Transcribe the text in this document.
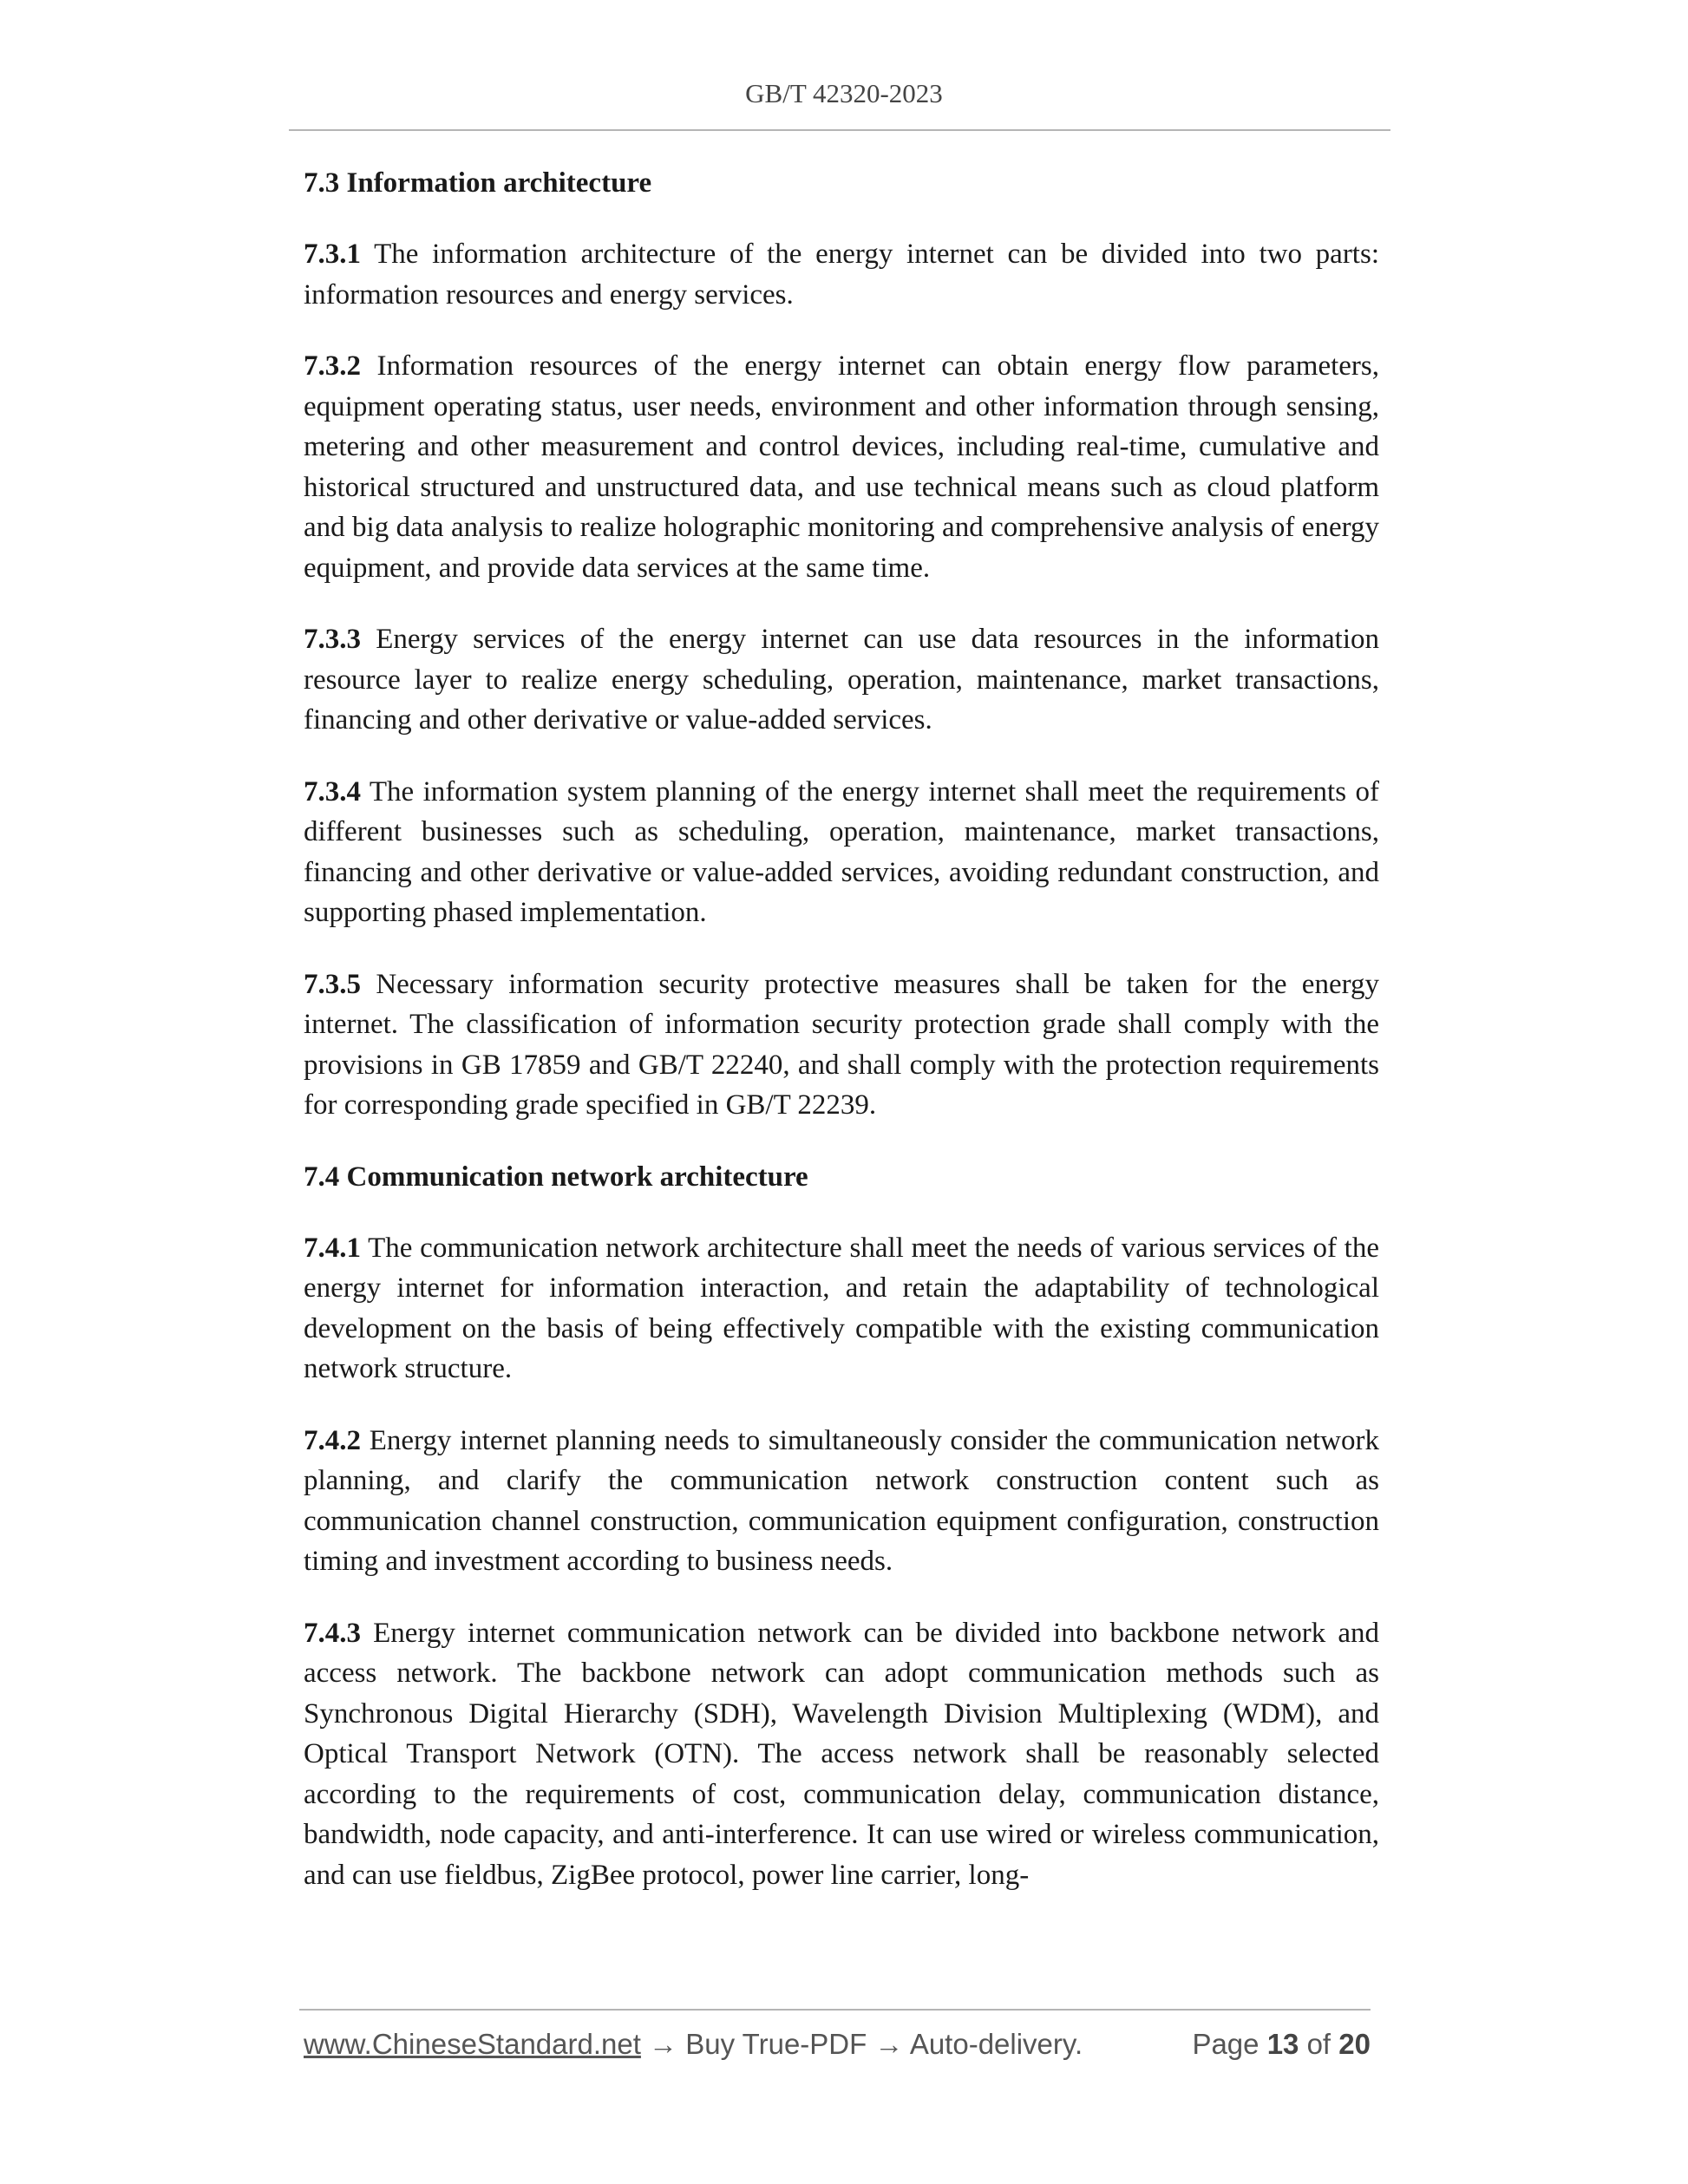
GB/T 42320-2023
7.3 Information architecture

7.3.1 The information architecture of the energy internet can be divided into two parts: information resources and energy services.

7.3.2 Information resources of the energy internet can obtain energy flow parameters, equipment operating status, user needs, environment and other information through sensing, metering and other measurement and control devices, including real-time, cumulative and historical structured and unstructured data, and use technical means such as cloud platform and big data analysis to realize holographic monitoring and comprehensive analysis of energy equipment, and provide data services at the same time.

7.3.3 Energy services of the energy internet can use data resources in the information resource layer to realize energy scheduling, operation, maintenance, market transactions, financing and other derivative or value-added services.

7.3.4 The information system planning of the energy internet shall meet the requirements of different businesses such as scheduling, operation, maintenance, market transactions, financing and other derivative or value-added services, avoiding redundant construction, and supporting phased implementation.

7.3.5 Necessary information security protective measures shall be taken for the energy internet. The classification of information security protection grade shall comply with the provisions in GB 17859 and GB/T 22240, and shall comply with the protection requirements for corresponding grade specified in GB/T 22239.

7.4 Communication network architecture

7.4.1 The communication network architecture shall meet the needs of various services of the energy internet for information interaction, and retain the adaptability of technological development on the basis of being effectively compatible with the existing communication network structure.

7.4.2 Energy internet planning needs to simultaneously consider the communication network planning, and clarify the communication network construction content such as communication channel construction, communication equipment configuration, construction timing and investment according to business needs.

7.4.3 Energy internet communication network can be divided into backbone network and access network. The backbone network can adopt communication methods such as Synchronous Digital Hierarchy (SDH), Wavelength Division Multiplexing (WDM), and Optical Transport Network (OTN). The access network shall be reasonably selected according to the requirements of cost, communication delay, communication distance, bandwidth, node capacity, and anti-interference. It can use wired or wireless communication, and can use fieldbus, ZigBee protocol, power line carrier, long-

www.ChineseStandard.net → Buy True-PDF → Auto-delivery.	Page 13 of 20
